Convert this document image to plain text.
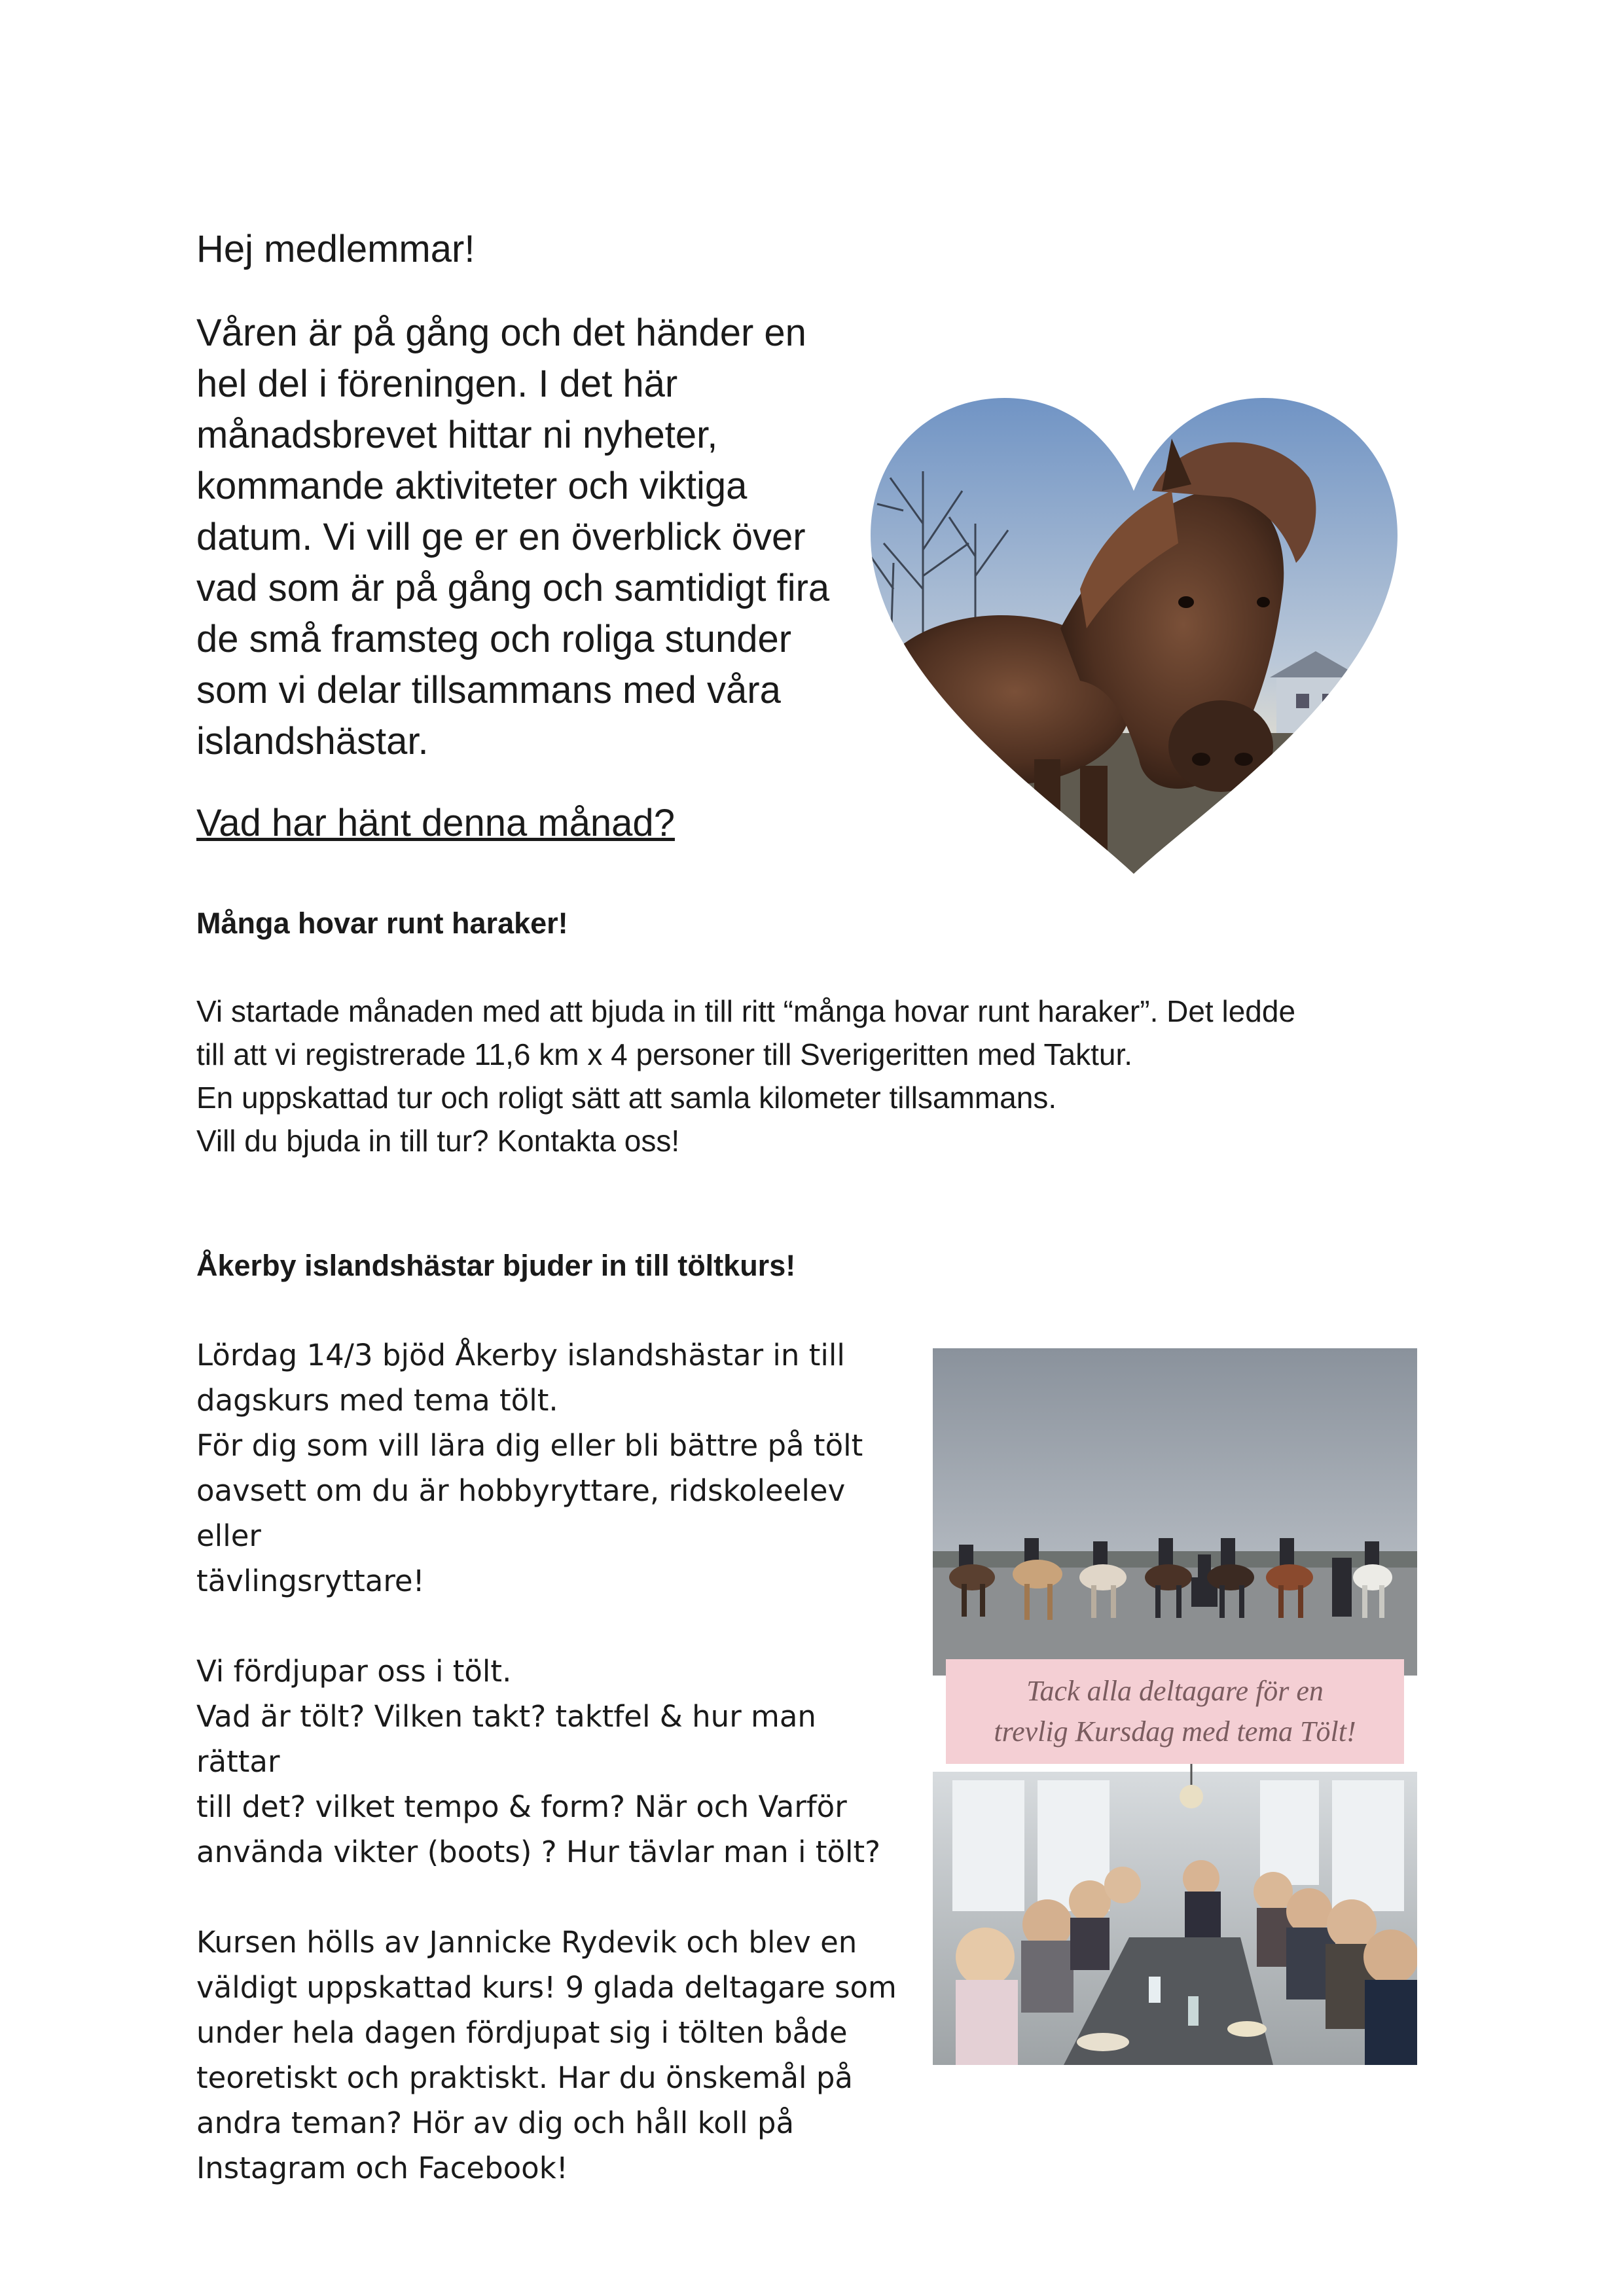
Hej medlemmar!

Våren är på gång och det händer en hel del i föreningen. I det här månadsbrevet hittar ni nyheter, kommande aktiviteter och viktiga datum. Vi vill ge er en överblick över vad som är på gång och samtidigt fira de små framsteg och roliga stunder som vi delar tillsammans med våra islandshästar.

Vad har hänt denna månad?

Många hovar runt haraker!

Vi startade månaden med att bjuda in till ritt “många hovar runt haraker”. Det ledde
till att vi registrerade 11,6 km x 4 personer till Sverigeritten med Taktur.
En uppskattad tur och roligt sätt att samla kilometer tillsammans.
Vill du bjuda in till tur? Kontakta oss!

Åkerby islandshästar bjuder in till töltkurs!

Lördag 14/3 bjöd Åkerby islandshästar in till

dagskurs med tema tölt.

För dig som vill lära dig eller bli bättre på tölt

oavsett om du är hobbyryttare, ridskoleelev eller

tävlingsryttare!

Vi fördjupar oss i tölt.

Vad är tölt? Vilken takt? taktfel & hur man rättar

till det? vilket tempo & form? När och Varför

använda vikter (boots) ? Hur tävlar man i tölt?

Kursen hölls av Jannicke Rydevik och blev en

väldigt uppskattad kurs! 9 glada deltagare som

under hela dagen fördjupat sig i tölten både

teoretiskt och praktiskt. Har du önskemål på

andra teman? Hör av dig och håll koll på

Instagram och Facebook!

Tack alla deltagare för en
trevlig Kursdag med tema Tölt!
